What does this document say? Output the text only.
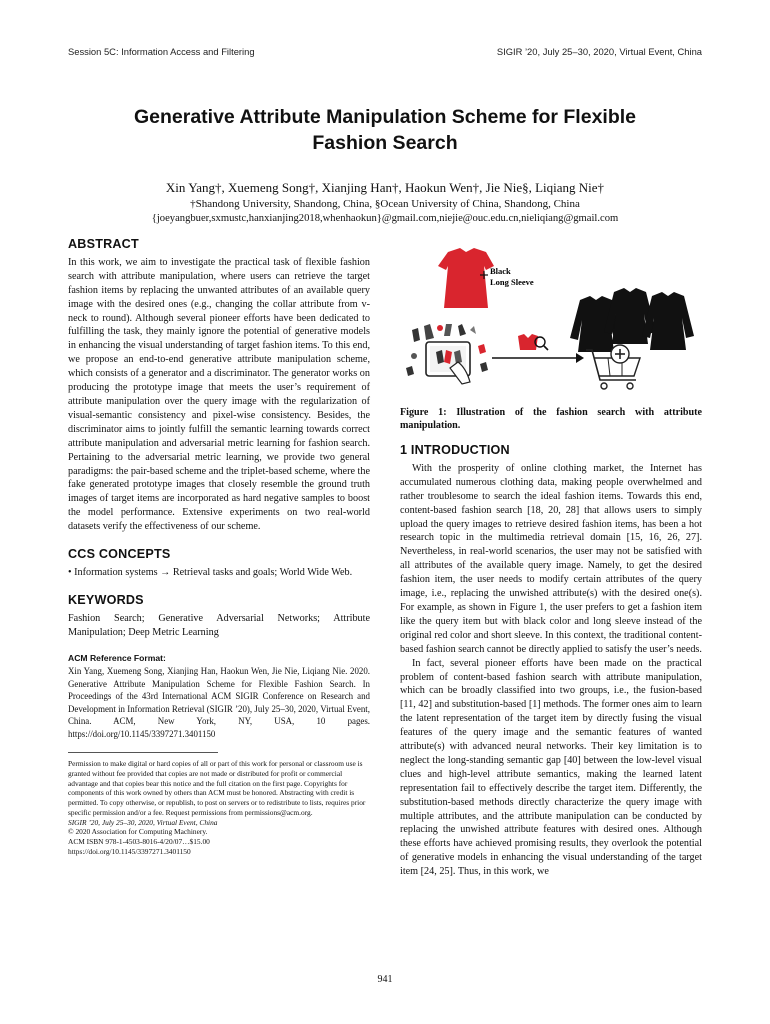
Session 5C: Information Access and Filtering	SIGIR ’20, July 25–30, 2020, Virtual Event, China
Generative Attribute Manipulation Scheme for Flexible
Fashion Search
Xin Yang†, Xuemeng Song†, Xianjing Han†, Haokun Wen†, Jie Nie§, Liqiang Nie†
†Shandong University, Shandong, China, §Ocean University of China, Shandong, China
{joeyangbuer,sxmustc,hanxianjing2018,whenhaokun}@gmail.com,niejie@ouc.edu.cn,nieliqiang@gmail.com
ABSTRACT

In this work, we aim to investigate the practical task of flexible fashion search with attribute manipulation, where users can retrieve the target fashion items by replacing the unwanted attributes of an available query image with the desired ones (e.g., changing the collar attribute from v-neck to round). Although several pioneer efforts have been dedicated to fulfilling the task, they mainly ignore the potential of generative models in enhancing the visual understanding of target fashion items. To this end, we propose an end-to-end generative attribute manipulation scheme, which consists of a generator and a discriminator. The generator works on producing the prototype image that meets the user’s requirement of attribute manipulation over the query image with the regularization of visual-semantic consistency and pixel-wise consistency. Besides, the discriminator aims to jointly fulfill the semantic learning towards correct attribute manipulation and adversarial metric learning for fashion search. Pertaining to the adversarial metric learning, we provide two general paradigms: the pair-based scheme and the triplet-based scheme, where the fake generated prototype images that closely resemble the ground truth images of target items are incorporated as hard negative samples to boost the model performance. Extensive experiments on two real-world datasets verify the effectiveness of our scheme.

CCS CONCEPTS

• Information systems → Retrieval tasks and goals; World Wide Web.

KEYWORDS

Fashion Search; Generative Adversarial Networks; Attribute Manipulation; Deep Metric Learning

ACM Reference Format:

Xin Yang, Xuemeng Song, Xianjing Han, Haokun Wen, Jie Nie, Liqiang Nie. 2020. Generative Attribute Manipulation Scheme for Flexible Fashion Search. In Proceedings of the 43rd International ACM SIGIR Conference on Research and Development in Information Retrieval (SIGIR ’20), July 25–30, 2020, Virtual Event, China. ACM, New York, NY, USA, 10 pages. https://doi.org/10.1145/3397271.3401150

Permission to make digital or hard copies of all or part of this work for personal or classroom use is granted without fee provided that copies are not made or distributed for profit or commercial advantage and that copies bear this notice and the full citation on the first page. Copyrights for components of this work owned by others than ACM must be honored. Abstracting with credit is permitted. To copy otherwise, or republish, to post on servers or to redistribute to lists, requires prior specific permission and/or a fee. Request permissions from permissions@acm.org.
SIGIR ’20, July 25–30, 2020, Virtual Event, China
© 2020 Association for Computing Machinery.
ACM ISBN 978-1-4503-8016-4/20/07…$15.00
https://doi.org/10.1145/3397271.3401150
Black
Long Sleeve
Figure 1: Illustration of the fashion search with attribute manipulation.
1 INTRODUCTION

With the prosperity of online clothing market, the Internet has accumulated numerous clothing data, making people overwhelmed and rather troublesome to search the ideal fashion items. Towards this end, content-based fashion search [18, 20, 28] that allows users to simply upload the query images to retrieve desired fashion items, has been a hot research topic in the multimedia retrieval domain [15, 16, 26, 27]. Nevertheless, in real-world scenarios, the user may not be satisfied with all attributes of the available query image. Namely, to get the desired fashion item, the user needs to modify certain attributes of the query image, i.e., replacing the unwished attribute(s) with the desired one(s). For example, as shown in Figure 1, the user prefers to get a fashion item like the query item but with black color and long sleeve instead of the original red color and short sleeve. In this context, the traditional content-based fashion search cannot be directly applied to satisfy the user’s needs.

In fact, several pioneer efforts have been made on the practical problem of content-based fashion search with attribute manipulation, which can be broadly classified into two groups, i.e., the fusion-based [11, 42] and substitution-based [1] methods. The former ones aim to learn the latent representation of the target item by directly fusing the visual features of the query image and the semantic features of wanted attribute(s) with advanced neural networks. Their key limitation is to neglect the long-standing semantic gap [40] between the low-level visual clues and high-level attribute semantics, making the learned latent representation fail to effectively describe the target item. Differently, the substitution-based methods directly characterize the query image with multiple attributes, and the attribute manipulation can be conducted by replacing the unwished attribute features with desired ones. Although these efforts have achieved promising results, they overlook the potential of generative models in enhancing the visual understanding of the target item [24, 25]. Thus, in this work, we

941
